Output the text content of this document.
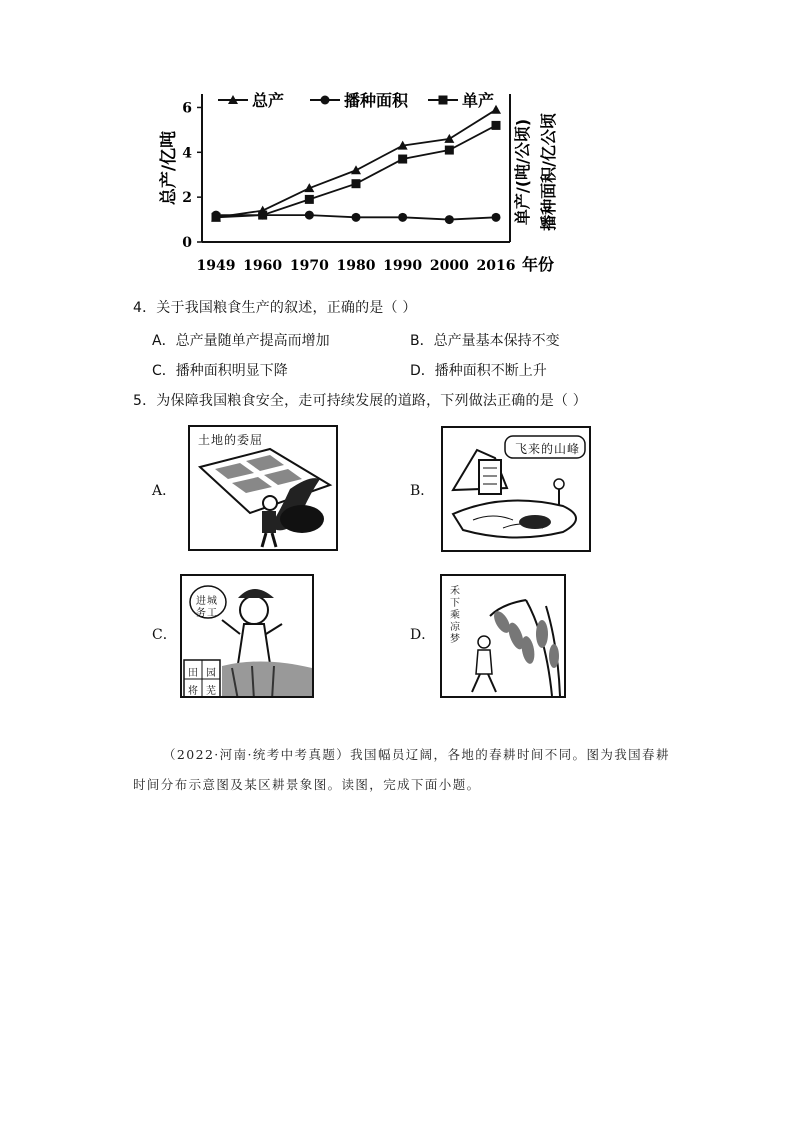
0
2
4
6
1949 1960 1970 1980 1990 2000 2016 年份
总产/亿吨	单产/(吨/公顷) 播种面积/亿公顷
总产	播种面积	单产
4．关于我国粮食生产的叙述，正确的是（ ）
A．总产量随单产提高而增加	B．总产量基本保持不变
C．播种面积明显下降	D．播种面积不断上升
5．为保障我国粮食安全，走可持续发展的道路，下列做法正确的是（ ）
A．
土地的委屈
B．
飞来的山峰
C．
进城
务工
田 园
将 芜
D．
禾
下
乘
凉
梦
（2022·河南·统考中考真题）我国幅员辽阔，各地的春耕时间不同。图为我国春耕
时间分布示意图及某区耕景象图。读图，完成下面小题。
